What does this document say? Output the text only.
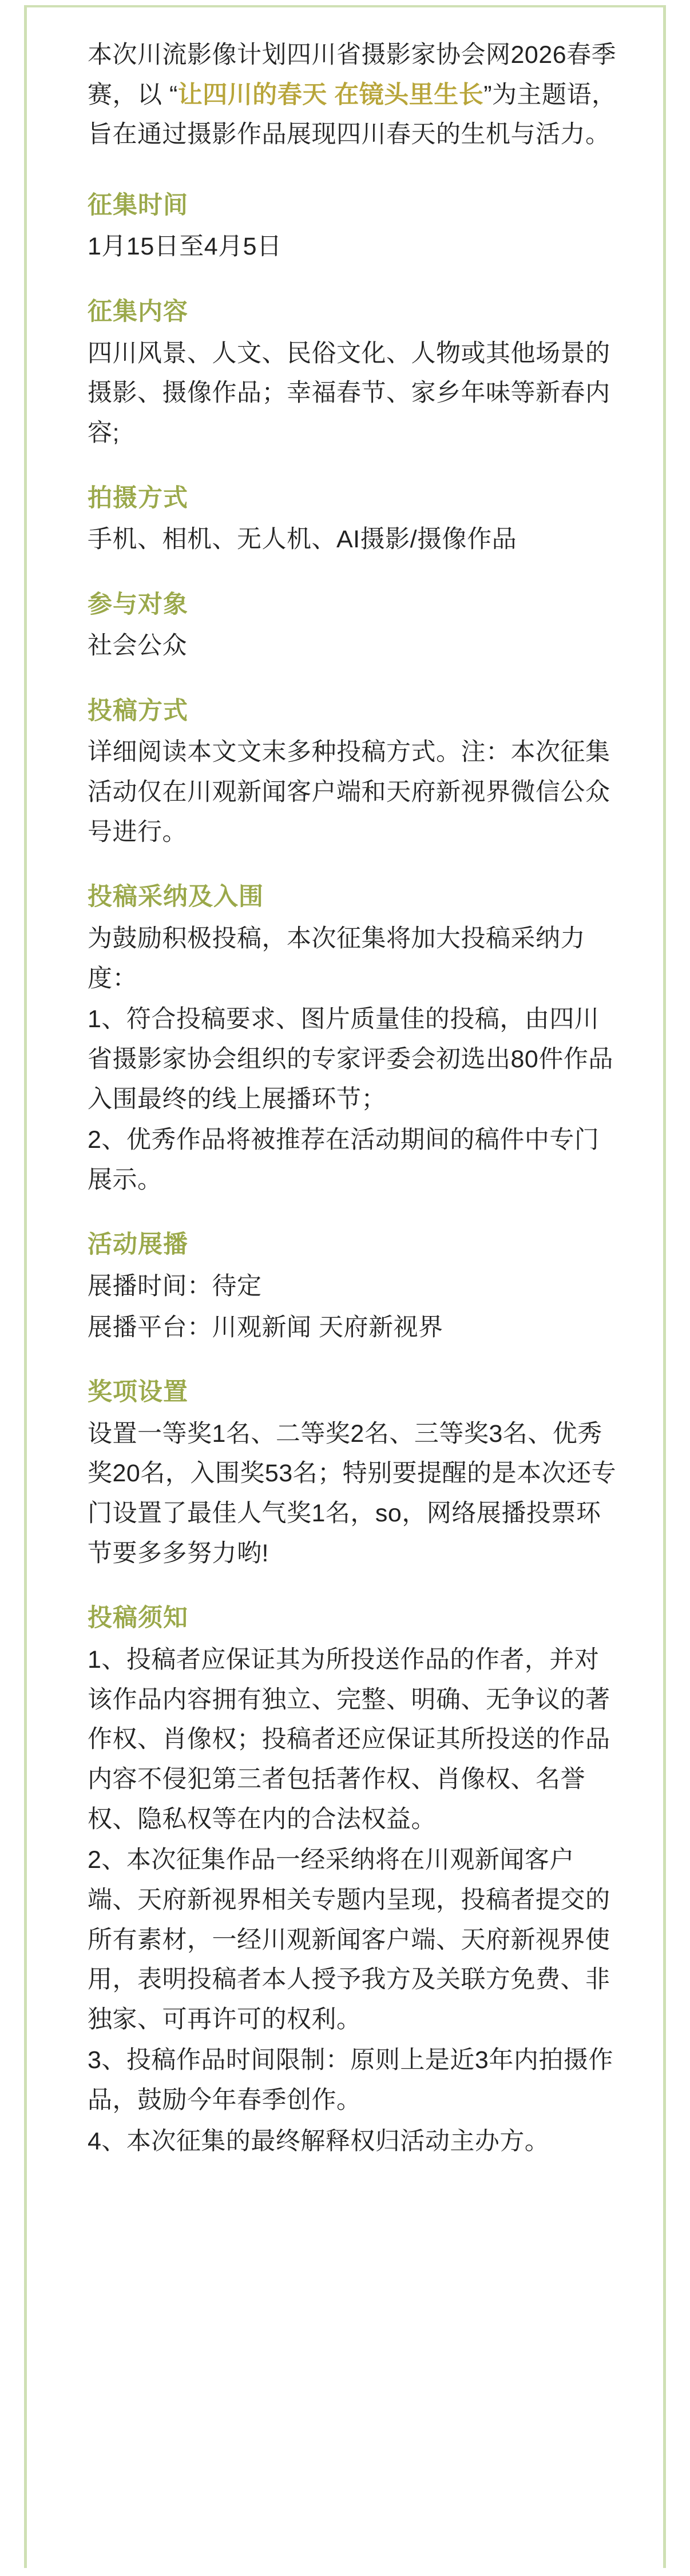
本次川流影像计划四川省摄影家协会网2026春季赛，以 “让四川的春天 在镜头里生长”为主题语，旨在通过摄影作品展现四川春天的生机与活力。

征集时间

1月15日至4月5日

征集内容

四川风景、人文、民俗文化、人物或其他场景的摄影、摄像作品；幸福春节、家乡年味等新春内容;

拍摄方式

手机、相机、无人机、AI摄影/摄像作品

参与对象

社会公众

投稿方式

详细阅读本文文末多种投稿方式。注：本次征集活动仅在川观新闻客户端和天府新视界微信公众号进行。

投稿采纳及入围

为鼓励积极投稿，本次征集将加大投稿采纳力度：

1、符合投稿要求、图片质量佳的投稿，由四川省摄影家协会组织的专家评委会初选出80件作品入围最终的线上展播环节；

2、优秀作品将被推荐在活动期间的稿件中专门展示。

活动展播

展播时间：待定

展播平台：川观新闻 天府新视界

奖项设置

设置一等奖1名、二等奖2名、三等奖3名、优秀奖20名，入围奖53名；特别要提醒的是本次还专门设置了最佳人气奖1名，so，网络展播投票环节要多多努力哟!

投稿须知

1、投稿者应保证其为所投送作品的作者，并对该作品内容拥有独立、完整、明确、无争议的著作权、肖像权；投稿者还应保证其所投送的作品内容不侵犯第三者包括著作权、肖像权、名誉权、隐私权等在内的合法权益。

2、本次征集作品一经采纳将在川观新闻客户端、天府新视界相关专题内呈现，投稿者提交的所有素材，一经川观新闻客户端、天府新视界使用，表明投稿者本人授予我方及关联方免费、非独家、可再许可的权利。

3、投稿作品时间限制：原则上是近3年内拍摄作品，鼓励今年春季创作。

4、本次征集的最终解释权归活动主办方。
